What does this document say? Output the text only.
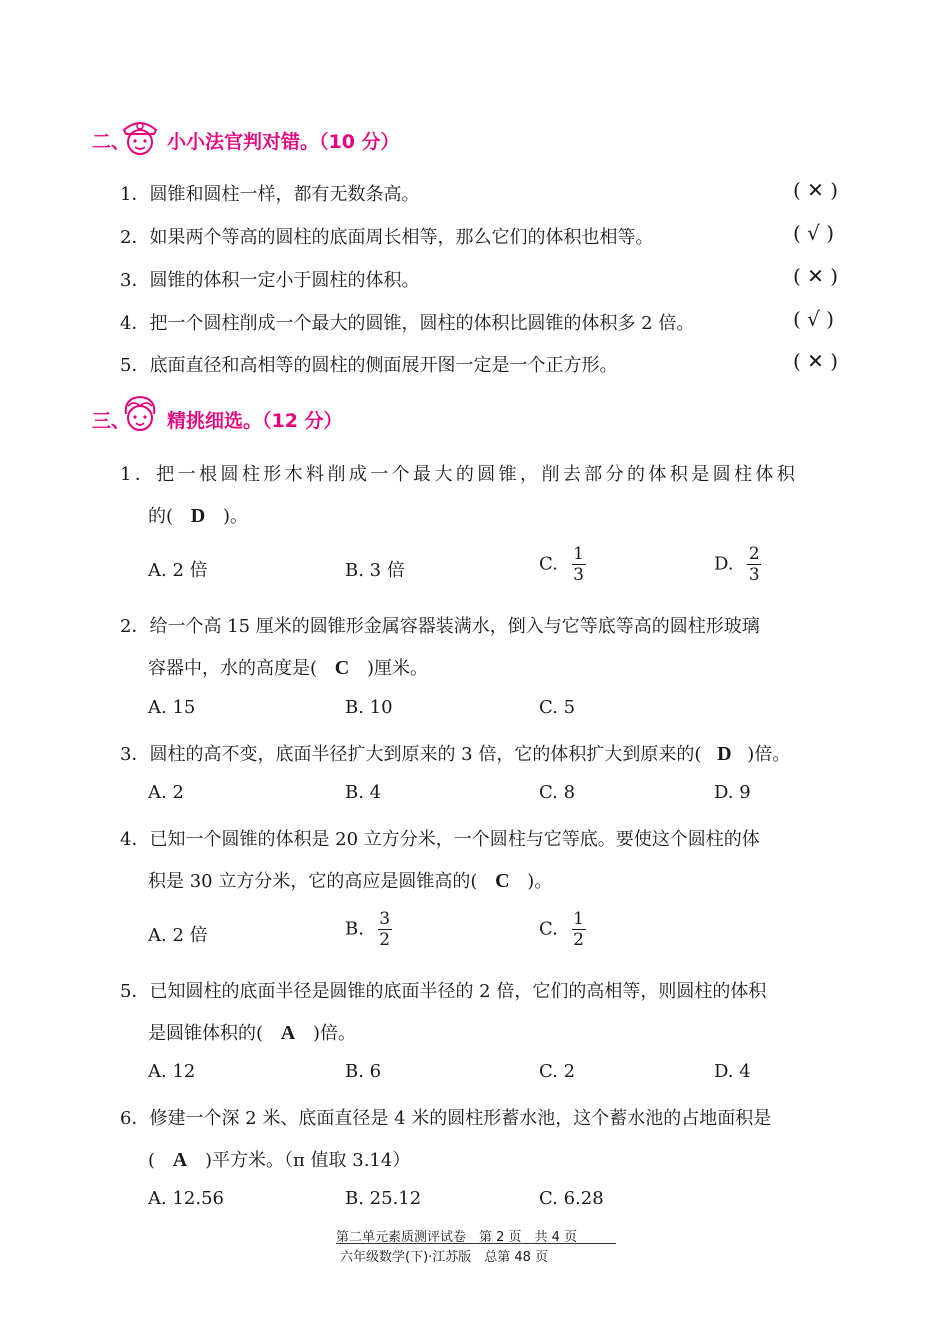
二、 小小法官判对错。（10 分）
1．圆锥和圆柱一样，都有无数条高。	( ✕ )
2．如果两个等高的圆柱的底面周长相等，那么它们的体积也相等。	( √ )
3．圆锥的体积一定小于圆柱的体积。	( ✕ )
4．把一个圆柱削成一个最大的圆锥，圆柱的体积比圆锥的体积多 2 倍。	( √ )
5．底面直径和高相等的圆柱的侧面展开图一定是一个正方形。	( ✕ )
三、 精挑细选。（12 分）
1．把一根圆柱形木料削成一个最大的圆锥，削去部分的体积是圆柱体积
的( D )。
A. 2 倍	B. 3 倍	C. $\frac{1}{3}$	D. $\frac{2}{3}$
2．给一个高 15 厘米的圆锥形金属容器装满水，倒入与它等底等高的圆柱形玻璃
容器中，水的高度是( C )厘米。
A. 15	B. 10	C. 5
3．圆柱的高不变，底面半径扩大到原来的 3 倍，它的体积扩大到原来的( D )倍。
A. 2	B. 4	C. 8	D. 9
4．已知一个圆锥的体积是 20 立方分米，一个圆柱与它等底。要使这个圆柱的体
积是 30 立方分米，它的高应是圆锥高的( C )。
A. 2 倍	B. $\frac{3}{2}$	C. $\frac{1}{2}$
5．已知圆柱的底面半径是圆锥的底面半径的 2 倍，它们的高相等，则圆柱的体积
是圆锥体积的( A )倍。
A. 12	B. 6	C. 2	D. 4
6．修建一个深 2 米、底面直径是 4 米的圆柱形蓄水池，这个蓄水池的占地面积是
( A )平方米。（π 值取 3.14）
A. 12.56	B. 25.12	C. 6.28
第二单元素质测评试卷　第 2 页　共 4 页
六年级数学(下)·江苏版　总第 48 页
